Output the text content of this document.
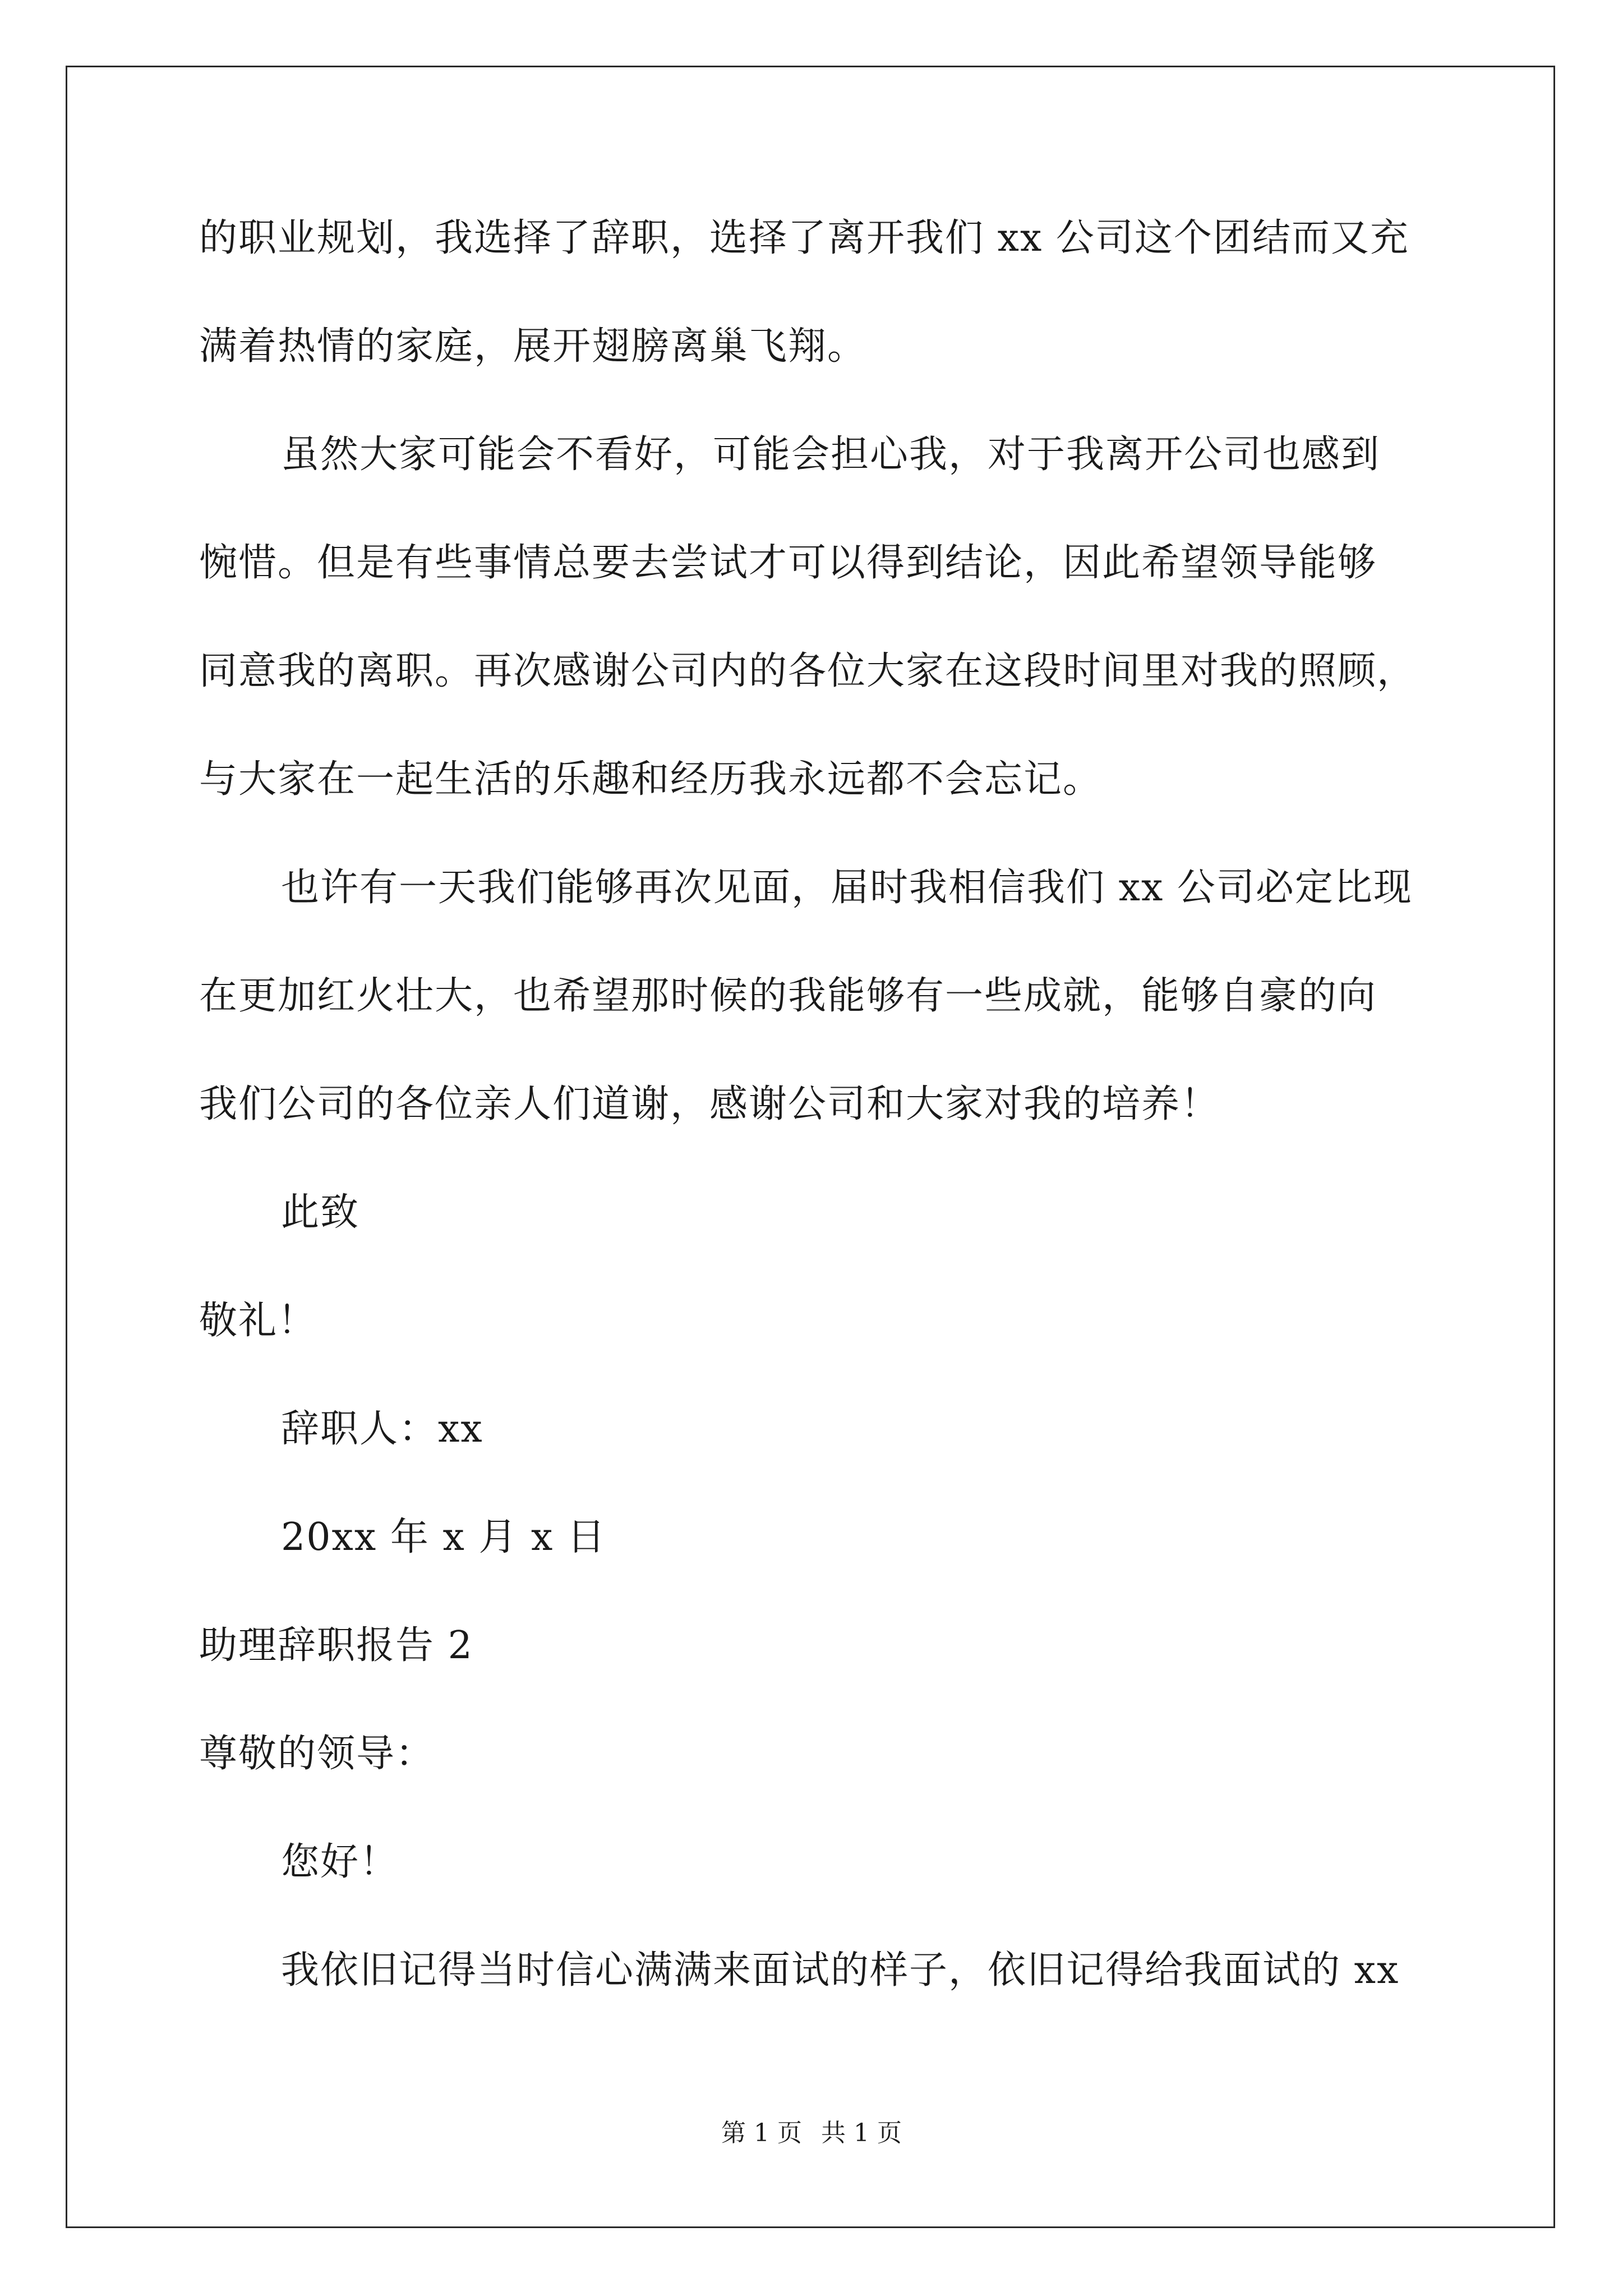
的职业规划，我选择了辞职，选择了离开我们 xx 公司这个团结而又充
满着热情的家庭，展开翅膀离巢飞翔。
虽然大家可能会不看好，可能会担心我，对于我离开公司也感到
惋惜。但是有些事情总要去尝试才可以得到结论，因此希望领导能够
同意我的离职。再次感谢公司内的各位大家在这段时间里对我的照顾，
与大家在一起生活的乐趣和经历我永远都不会忘记。
也许有一天我们能够再次见面，届时我相信我们 xx 公司必定比现
在更加红火壮大，也希望那时候的我能够有一些成就，能够自豪的向
我们公司的各位亲人们道谢，感谢公司和大家对我的培养！
此致
敬礼！
辞职人：xx
20xx 年 x 月 x 日
助理辞职报告 2
尊敬的领导：
您好！
我依旧记得当时信心满满来面试的样子，依旧记得给我面试的 xx
第 1 页 共 1 页
